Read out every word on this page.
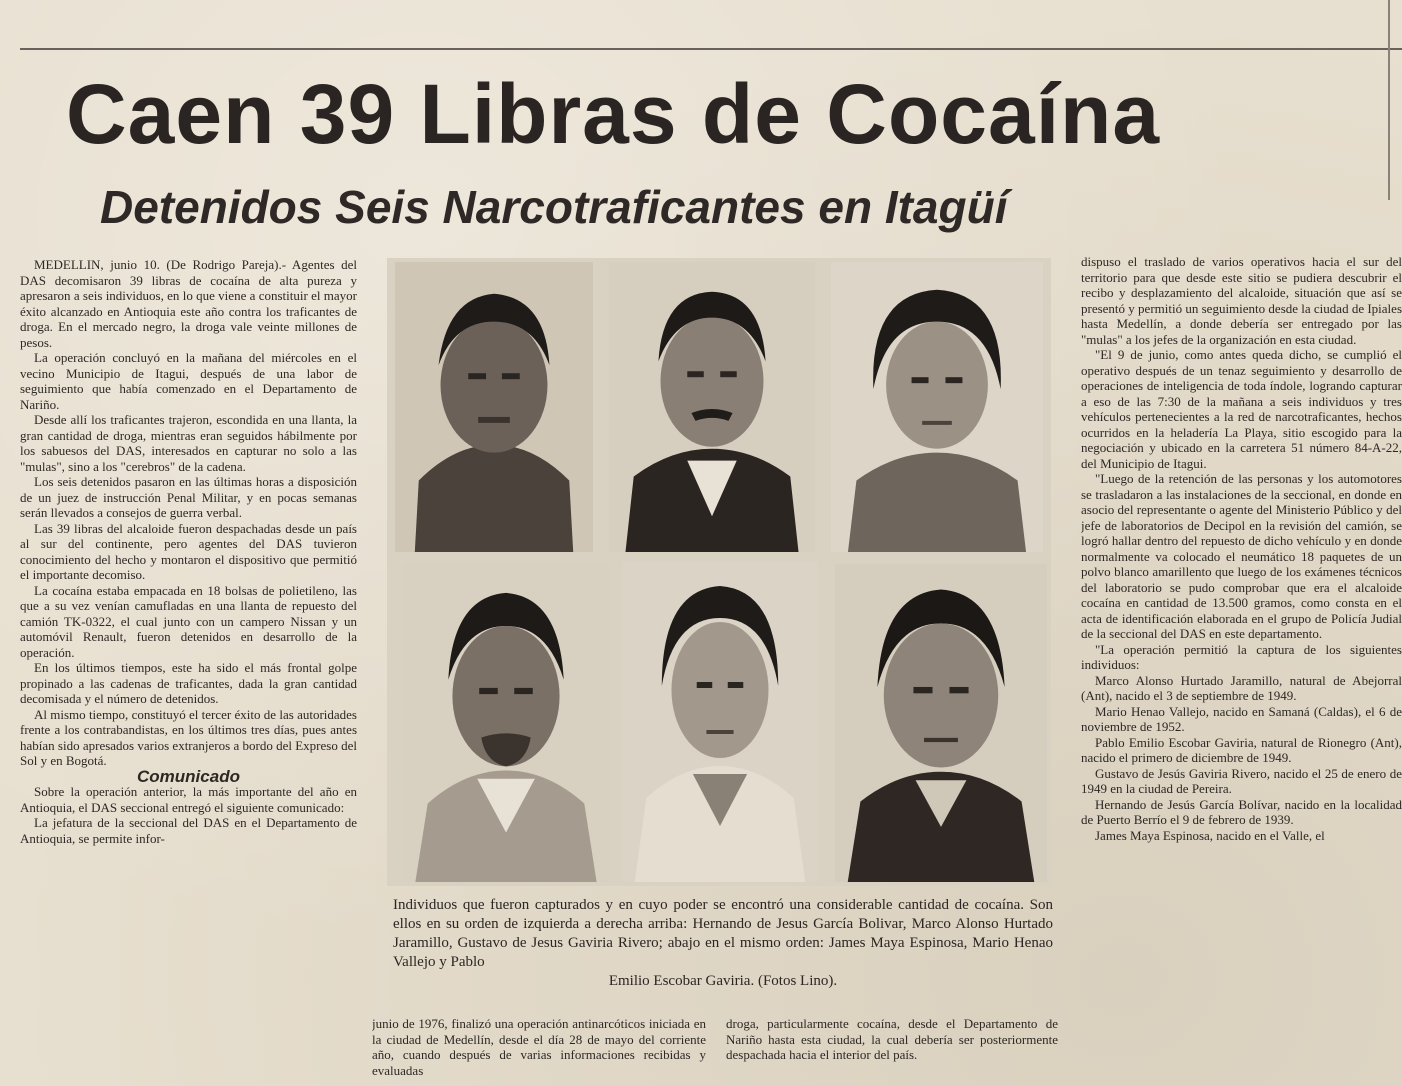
Caen 39 Libras de Cocaína
Detenidos Seis Narcotraficantes en Itagüí

MEDELLIN, junio 10. (De Rodrigo Pareja).- Agentes del DAS decomisaron 39 libras de cocaína de alta pureza y apresaron a seis individuos, en lo que viene a constituir el mayor éxito alcanzado en Antioquia este año contra los traficantes de droga. En el mercado negro, la droga vale veinte millones de pesos.

La operación concluyó en la mañana del miércoles en el vecino Municipio de Itagui, después de una labor de seguimiento que había comenzado en el Departamento de Nariño.

Desde allí los traficantes trajeron, escondida en una llanta, la gran cantidad de droga, mientras eran seguidos hábilmente por los sabuesos del DAS, interesados en capturar no solo a las "mulas", sino a los "cerebros" de la cadena.

Los seis detenidos pasaron en las últimas horas a disposición de un juez de instrucción Penal Militar, y en pocas semanas serán llevados a consejos de guerra verbal.

Las 39 libras del alcaloide fueron despachadas desde un país al sur del continente, pero agentes del DAS tuvieron conocimiento del hecho y montaron el dispositivo que permitió el importante decomiso.

La cocaína estaba empacada en 18 bolsas de polietileno, las que a su vez venían camufladas en una llanta de repuesto del camión TK-0322, el cual junto con un campero Nissan y un automóvil Renault, fueron detenidos en desarrollo de la operación.

En los últimos tiempos, este ha sido el más frontal golpe propinado a las cadenas de traficantes, dada la gran cantidad decomisada y el número de detenidos.

Al mismo tiempo, constituyó el tercer éxito de las autoridades frente a los contrabandistas, en los últimos tres días, pues antes habían sido apresados varios extranjeros a bordo del Expreso del Sol y en Bogotá.

Comunicado

Sobre la operación anterior, la más importante del año en Antioquia, el DAS seccional entregó el siguiente comunicado:

La jefatura de la seccional del DAS en el Departamento de Antioquia, se permite infor-

Individuos que fueron capturados y en cuyo poder se encontró una considerable cantidad de cocaína. Son ellos en su orden de izquierda a derecha arriba: Hernando de Jesus García Bolivar, Marco Alonso Hurtado Jaramillo, Gustavo de Jesus Gaviria Rivero; abajo en el mismo orden: James Maya Espinosa, Mario Henao Vallejo y Pablo
Emilio Escobar Gaviria. (Fotos Lino).

junio de 1976, finalizó una operación antinarcóticos iniciada en la ciudad de Medellín, desde el día 28 de mayo del corriente año, cuando después de varias informaciones recibidas y evaluadas

droga, particularmente cocaína, desde el Departamento de Nariño hasta esta ciudad, la cual debería ser posteriormente despachada hacia el interior del país.

dispuso el traslado de varios operativos hacia el sur del territorio para que desde este sitio se pudiera descubrir el recibo y desplazamiento del alcaloide, situación que así se presentó y permitió un seguimiento desde la ciudad de Ipiales hasta Medellín, a donde debería ser entregado por las "mulas" a los jefes de la organización en esta ciudad.

"El 9 de junio, como antes queda dicho, se cumplió el operativo después de un tenaz seguimiento y desarrollo de operaciones de inteligencia de toda índole, logrando capturar a eso de las 7:30 de la mañana a seis individuos y tres vehículos pertenecientes a la red de narcotraficantes, hechos ocurridos en la heladería La Playa, sitio escogido para la negociación y ubicado en la carretera 51 número 84-A-22, del Municipio de Itagui.

"Luego de la retención de las personas y los automotores se trasladaron a las instalaciones de la seccional, en donde en asocio del representante o agente del Ministerio Público y del jefe de laboratorios de Decipol en la revisión del camión, se logró hallar dentro del repuesto de dicho vehículo y en donde normalmente va colocado el neumático 18 paquetes de un polvo blanco amarillento que luego de los exámenes técnicos del laboratorio se pudo comprobar que era el alcaloide cocaína en cantidad de 13.500 gramos, como consta en el acta de identificación elaborada en el grupo de Policía Judial de la seccional del DAS en este departamento.

"La operación permitió la captura de los siguientes individuos:

Marco Alonso Hurtado Jaramillo, natural de Abejorral (Ant), nacido el 3 de septiembre de 1949.

Mario Henao Vallejo, nacido en Samaná (Caldas), el 6 de noviembre de 1952.

Pablo Emilio Escobar Gaviria, natural de Rionegro (Ant), nacido el primero de diciembre de 1949.

Gustavo de Jesús Gaviria Rivero, nacido el 25 de enero de 1949 en la ciudad de Pereira.

Hernando de Jesús García Bolívar, nacido en la localidad de Puerto Berrío el 9 de febrero de 1939.

James Maya Espinosa, nacido en el Valle, el
